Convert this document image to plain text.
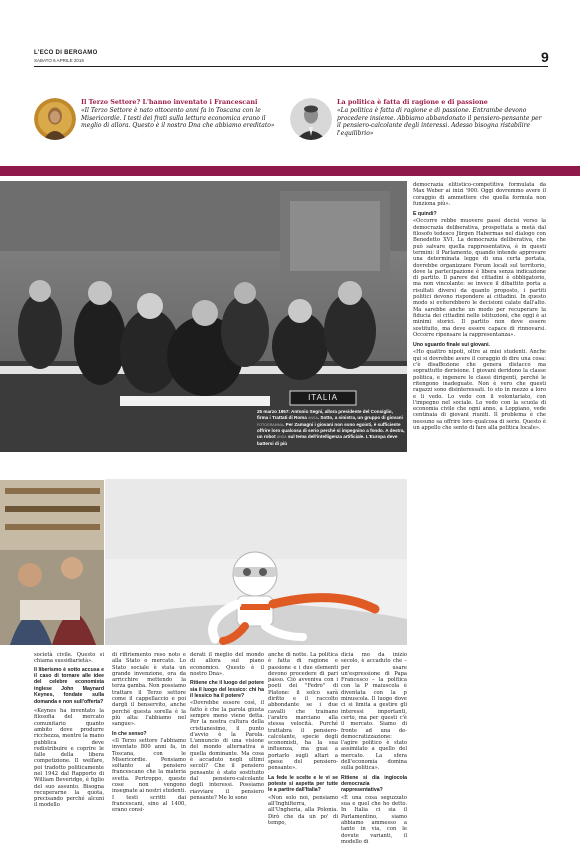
L'ECO DI BERGAMO
SABATO 6 APRILE 2019	9
Il Terzo Settore? L'hanno inventato i Francescani
«Il Terzo Settore è nato ottocento anni fa in Toscana con le Misericordie. I testi dei frati sulla lettura economica erano il meglio di allora. Questo è il nostro Dna che abbiamo ereditato»
La politica è fatta di ragione e di passione
«La politica è fatta di ragione e di passione. Entrambe devono procedere insieme. Abbiamo abbandonato il pensiero-pensante per il pensiero-calcolante degli interessi. Adesso bisogna ristabilire l'equilibrio»
ITALIA
25 marzo 1957: Antonio Segni, allora presidente del Consiglio, firma i Trattati di Roma ANSA. Sotto, a sinistra, un gruppo di giovani FOTOGRAMMA. Per Zamagni i giovani non sono egoisti, è sufficiente offrire loro qualcosa di serio perché si impegnino a fondo. A destra, un robot ANSA sul tema dell'intelligenza artificiale. L'Europa deve battersi di più

democrazia elitistico-competitiva formulata da Max Weber ai inizi '900. Oggi dovremmo avere il coraggio di ammettere che quella formula non funziona più».

E quindi?

«Occorre rebbe muovere passi decisi verso la democrazia deliberativa, prospettata a metà dal filosofo tedesco Jürgen Habermas nel dialogo con Benedetto XVI. La democrazia deliberativa, che può salvare quella rappresentativa, è in questi termini: il Parlamento, quando intende approvare una determinata legge di una certa portata, dovrebbe organizzare Forum locali sul territorio, dove la partecipazione è libera senza indicazione di partito. Il parere dei cittadini è obbligatorio, ma non vincolante: se invece il dibattito porta a risultati diversi da quanto proposto, i partiti politici devono rispondere ai cittadini. In questo modo si eviterebbero le decisioni calate dall'alto. Ma sarebbe anche un modo per recuperare la fiducia dei cittadini nelle istituzioni, che oggi è ai minimi storici. Il partito non deve essere sostituito, ma deve essere capace di rinnovarsi. Occorre ripensare la rappresentanza».

Uno sguardo finale sui giovani.

«Ho quattro nipoti, oltre ai miei studenti. Anche qui si dovrebbe avere il coraggio di dire una cosa: c'è disaffezione che genera distacco ma soprattutto derisione. I giovani deridono la classe politica, e ingenere le classi dirigenti, perché le ritengono inadeguate. Non è vero che questi ragazzi sono disinteressati. Io sto in mezzo a loro e li vedo. Lo vedo con il volontariato, con l'impegno nel sociale. Lo vedo con la scuola di economia civile che ogni anno, a Loppiano, vede centinaia di giovani riuniti. Il problema è che nessuno sa offrire loro qualcosa di serio. Questo è un appello che sento di fare alla politica locale».

società civile. Questo si chiama sussidiarietà».

Il liberismo è sotto accusa e il caso di tornare alle idee del celebre economista inglese John Maynard Keynes, fondate sulla domanda e non sull'offerta?

«Keynes ha inventato la filosofia del mercato comunitario quanto ambito dove produrre ricchezza, mentre la mano pubblica deve redistribuire e coprire le falle della libera competizione. Il welfare, poi tradotto politicamente nel 1942 dal Rapporto di William Beveridge, è figlio del suo assunto. Bisogna recuperarne la quota, precisando perché alcuni il modello

di rifiriemento reso noto e alla Stato o mercato. Lo Stato sociale è stata un grande invenzione, ora da arricchire mettendo la terza gamba. Non possiamo trattare il Terzo settore come il cappellaccio e poi dargli il benservito, anche perché questa sorella è la più alta: l'abbiamo nel sangue».

In che senso?

«Il Terzo settore l'abbiamo inventato 800 anni fa, in Toscana, con le Misericordie. Pensiamo soltanto al pensiero francescano che la materia svetta. Pertroppo, queste cose non vengono insegnate ai nostri studenti. I testi scritti dai francescani, sino al 1400, erano consi-

derati il meglio del mondo di allora sul piano economico. Questo è il nostro Dna».

Ritiene che il luogo del potere sia il luogo del lessico: chi ha il lessico ha il potere?

«Dovrebbe essere così, il fatto è che la parola giusta sempre meno viene detta. Per la nostra cultura della cristianesimo, il punto d'avvio è la Parola. L'annuncio di una visione del mondo alternativa a quella dominante. Ma cosa è accaduto negli ultimi secoli? Che il pensiero pensante è stato sostituito dal pensiero-calcolante degli interessi. Possiamo riavviare il pensiero pensante? Me lo sono

anche di notte. La politica è fatta di ragione e passione e i due elementi devono procedere di pari passo. Ciò avveniva con i poeti dei "Fedro" di Platone: il solco sarà diritto e il raccolto abbondante se i due cavalli che trainano l'aratro marciano alla stessa velocità. Purché trattabra il pensiero-calcolante, specie degli economisti, ha la sua influenza, ma guai a portarlo sugli altari a spese del pensiero-pensante».

La fede le scelte e le vi se poteste si aspetta per tutte le a partire dall'Italia?

«Non solo noi, pensiamo all'Inghilterra, all'Ungheria, alla Polonia. Dirò che da un po' di tempo,

dicia mo da inizio secolo, è accaduto che – per usare un'espressione di Papa Francesco – la politica con la P maiuscola è diventata con la p minuscola. Il luogo dove ci si limita a gestire gli interessi importanti, certo, ma per questi c'è il mercato. Siamo di fronte ad una de-democratizzazione: l'agire politico è stato assimilato a quello del mercato. La sfera dell'economia domina sulla politica».

Ritiene si dia ingiocola democrazia rappresentativa?

«È una cosa seguzzato sua e quel che ho detto. In Italia ci sia il Parlamentino, siamo abbiamo ammesso a tanto in via, con le dovute varianti, il modello di
